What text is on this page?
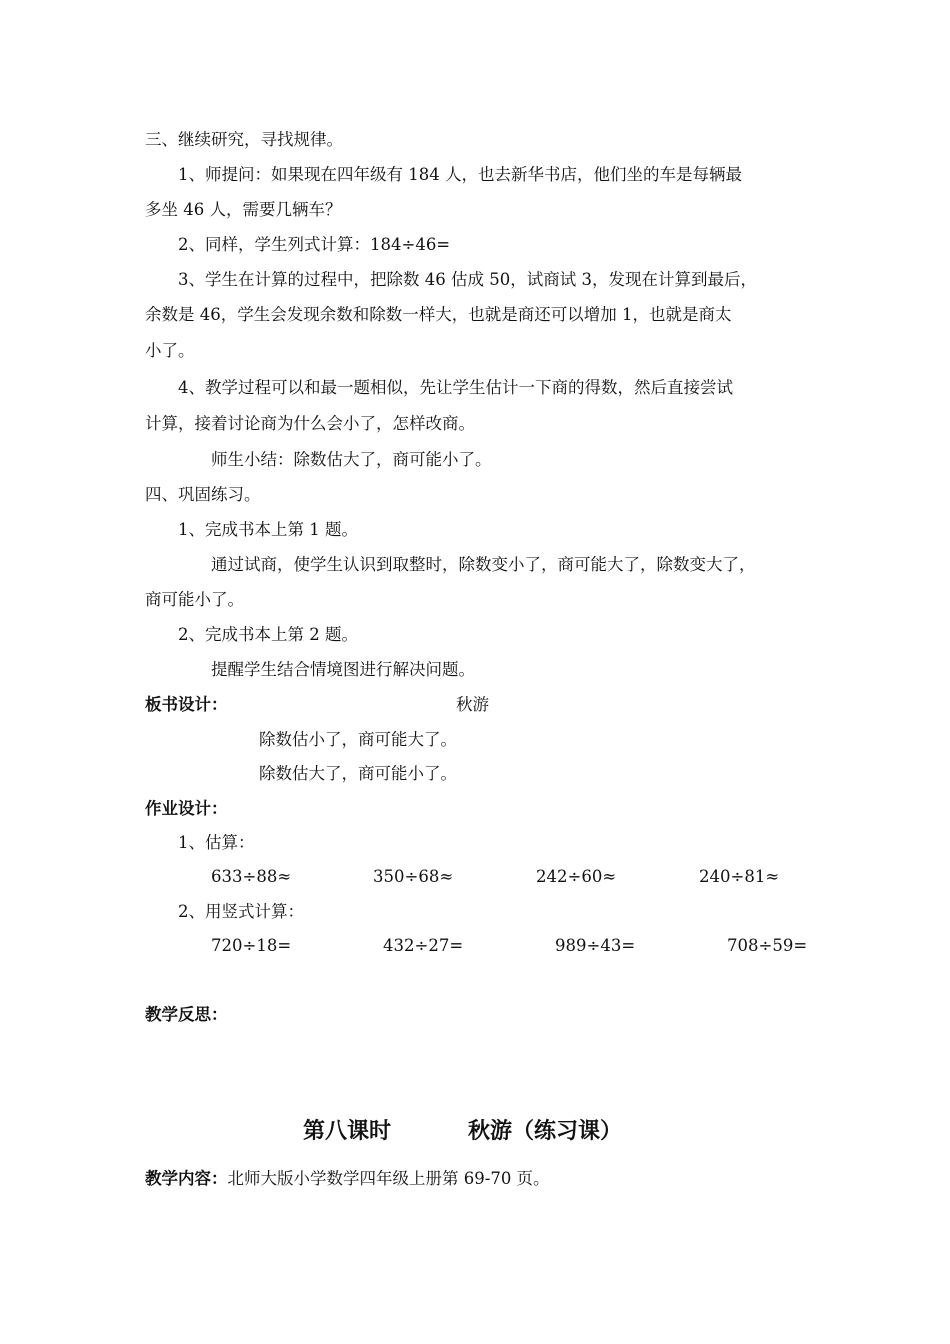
三、继续研究，寻找规律。
1、师提问：如果现在四年级有 184 人，也去新华书店，他们坐的车是每辆最
多坐 46 人，需要几辆车？
2、同样，学生列式计算：184÷46=
3、学生在计算的过程中，把除数 46 估成 50，试商试 3，发现在计算到最后，
余数是 46，学生会发现余数和除数一样大，也就是商还可以增加 1，也就是商太
小了。
4、教学过程可以和最一题相似，先让学生估计一下商的得数，然后直接尝试
计算，接着讨论商为什么会小了，怎样改商。
师生小结：除数估大了，商可能小了。
四、巩固练习。
1、完成书本上第 1 题。
通过试商，使学生认识到取整时，除数变小了，商可能大了，除数变大了，
商可能小了。
2、完成书本上第 2 题。
提醒学生结合情境图进行解决问题。
板书设计：	秋游
除数估小了，商可能大了。
除数估大了，商可能小了。
作业设计：
1、估算：
633÷88≈	350÷68≈	242÷60≈	240÷81≈
2、用竖式计算：
720÷18=	432÷27=	989÷43=	708÷59=
教学反思：
第八课时	秋游（练习课）
教学内容：北师大版小学数学四年级上册第 69-70 页。
